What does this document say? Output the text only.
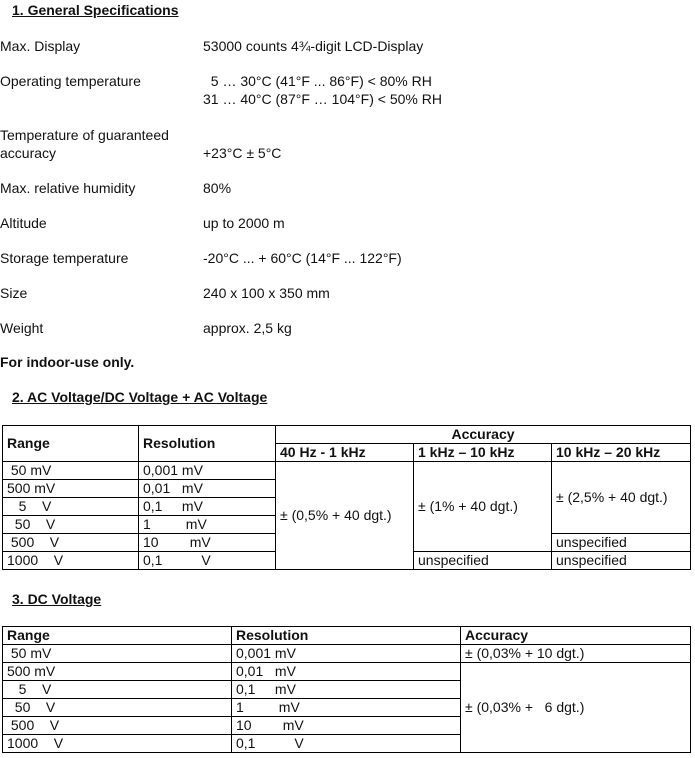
1. General Specifications
Max. Display	53000 counts 4¾-digit LCD-Display
Operating temperature	5 … 30°C (41°F ... 86°F) < 80% RH
31 … 40°C (87°F … 104°F) < 50% RH
Temperature of guaranteed
accuracy	+23°C ± 5°C
Max. relative humidity	80%
Altitude	up to 2000 m
Storage temperature	-20°C ... + 60°C (14°F ... 122°F)
Size	240 x 100 x 350 mm
Weight	approx. 2,5 kg
For indoor-use only.
2. AC Voltage/DC Voltage + AC Voltage
Range	Resolution	Accuracy		
		40 Hz - 1 kHz	1 kHz – 10 kHz	10 kHz – 20 kHz
50 mV	0,001 mV	± (0,5% + 40 dgt.)	± (1% + 40 dgt.)	± (2,5% + 40 dgt.)
500 mV	0,01   mV			
5    V	0,1     mV			
50    V	1         mV			
500    V	10        mV			unspecified
1000    V	0,1          V		unspecified	unspecified
3. DC Voltage
Range	Resolution	Accuracy
50 mV	0,001 mV	± (0,03% + 10 dgt.)
500 mV	0,01   mV	± (0,03% +   6 dgt.)
5    V	0,1     mV	
50    V	1         mV	
500    V	10        mV	
1000    V	0,1          V	
